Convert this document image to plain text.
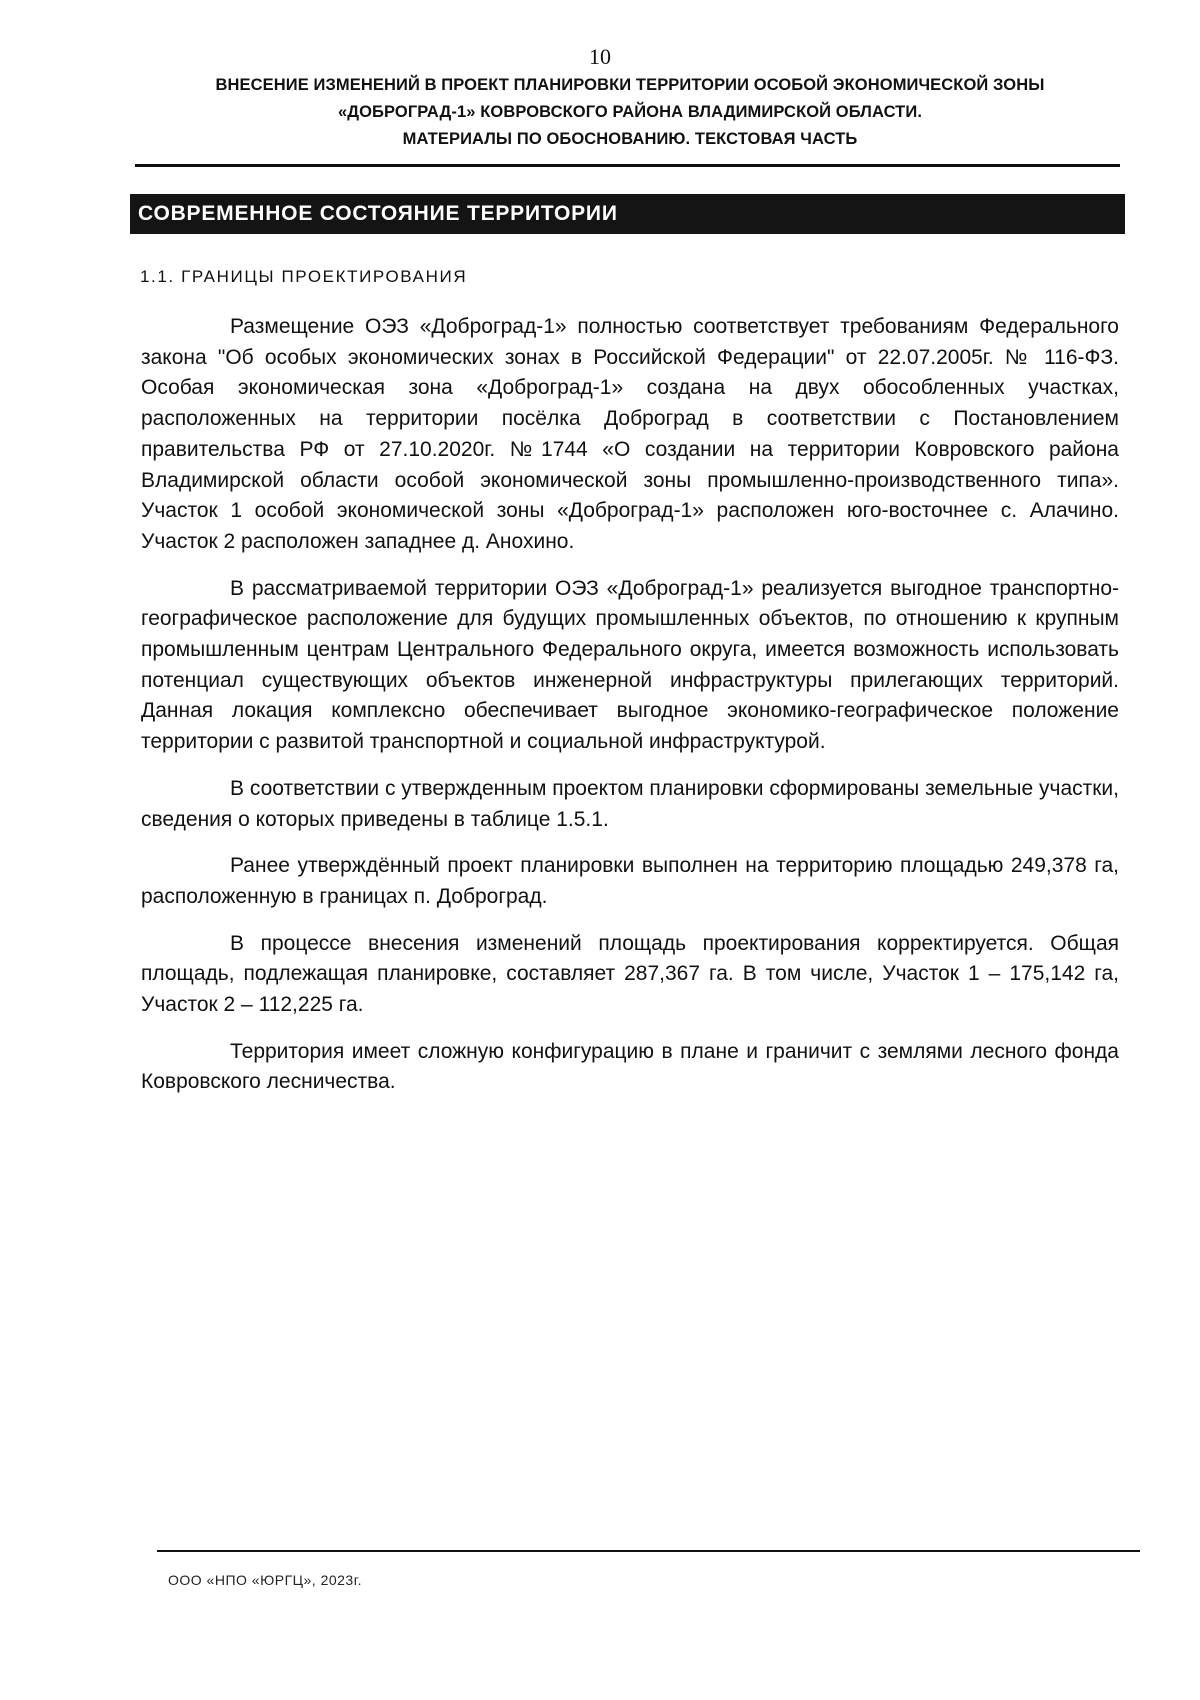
10
ВНЕСЕНИЕ ИЗМЕНЕНИЙ В ПРОЕКТ ПЛАНИРОВКИ ТЕРРИТОРИИ ОСОБОЙ ЭКОНОМИЧЕСКОЙ ЗОНЫ
«ДОБРОГРАД-1» КОВРОВСКОГО РАЙОНА ВЛАДИМИРСКОЙ ОБЛАСТИ.
МАТЕРИАЛЫ ПО ОБОСНОВАНИЮ. ТЕКСТОВАЯ ЧАСТЬ
СОВРЕМЕННОЕ СОСТОЯНИЕ ТЕРРИТОРИИ
1.1. ГРАНИЦЫ ПРОЕКТИРОВАНИЯ

Размещение ОЭЗ «Доброград-1» полностью соответствует требованиям Федерального закона "Об особых экономических зонах в Российской Федерации" от 22.07.2005г. № 116-ФЗ. Особая экономическая зона «Доброград-1» создана на двух обособленных участках, расположенных на территории посёлка Доброград в соответствии с Постановлением правительства РФ от 27.10.2020г. №1744 «О создании на территории Ковровского района Владимирской области особой экономической зоны промышленно-производственного типа». Участок 1 особой экономической зоны «Доброград-1» расположен юго-восточнее с. Алачино. Участок 2 расположен западнее д. Анохино.

В рассматриваемой территории ОЭЗ «Доброград-1» реализуется выгодное транспортно-географическое расположение для будущих промышленных объектов, по отношению к крупным промышленным центрам Центрального Федерального округа, имеется возможность использовать потенциал существующих объектов инженерной инфраструктуры прилегающих территорий. Данная локация комплексно обеспечивает выгодное экономико-географическое положение территории с развитой транспортной и социальной инфраструктурой.

В соответствии с утвержденным проектом планировки сформированы земельные участки, сведения о которых приведены в таблице 1.5.1.

Ранее утверждённый проект планировки выполнен на территорию площадью 249,378 га, расположенную в границах п. Доброград.

В процессе внесения изменений площадь проектирования корректируется. Общая площадь, подлежащая планировке, составляет 287,367 га. В том числе, Участок 1 – 175,142 га, Участок 2 – 112,225 га.

Территория имеет сложную конфигурацию в плане и граничит с землями лесного фонда Ковровского лесничества.

ООО «НПО «ЮРГЦ», 2023г.
